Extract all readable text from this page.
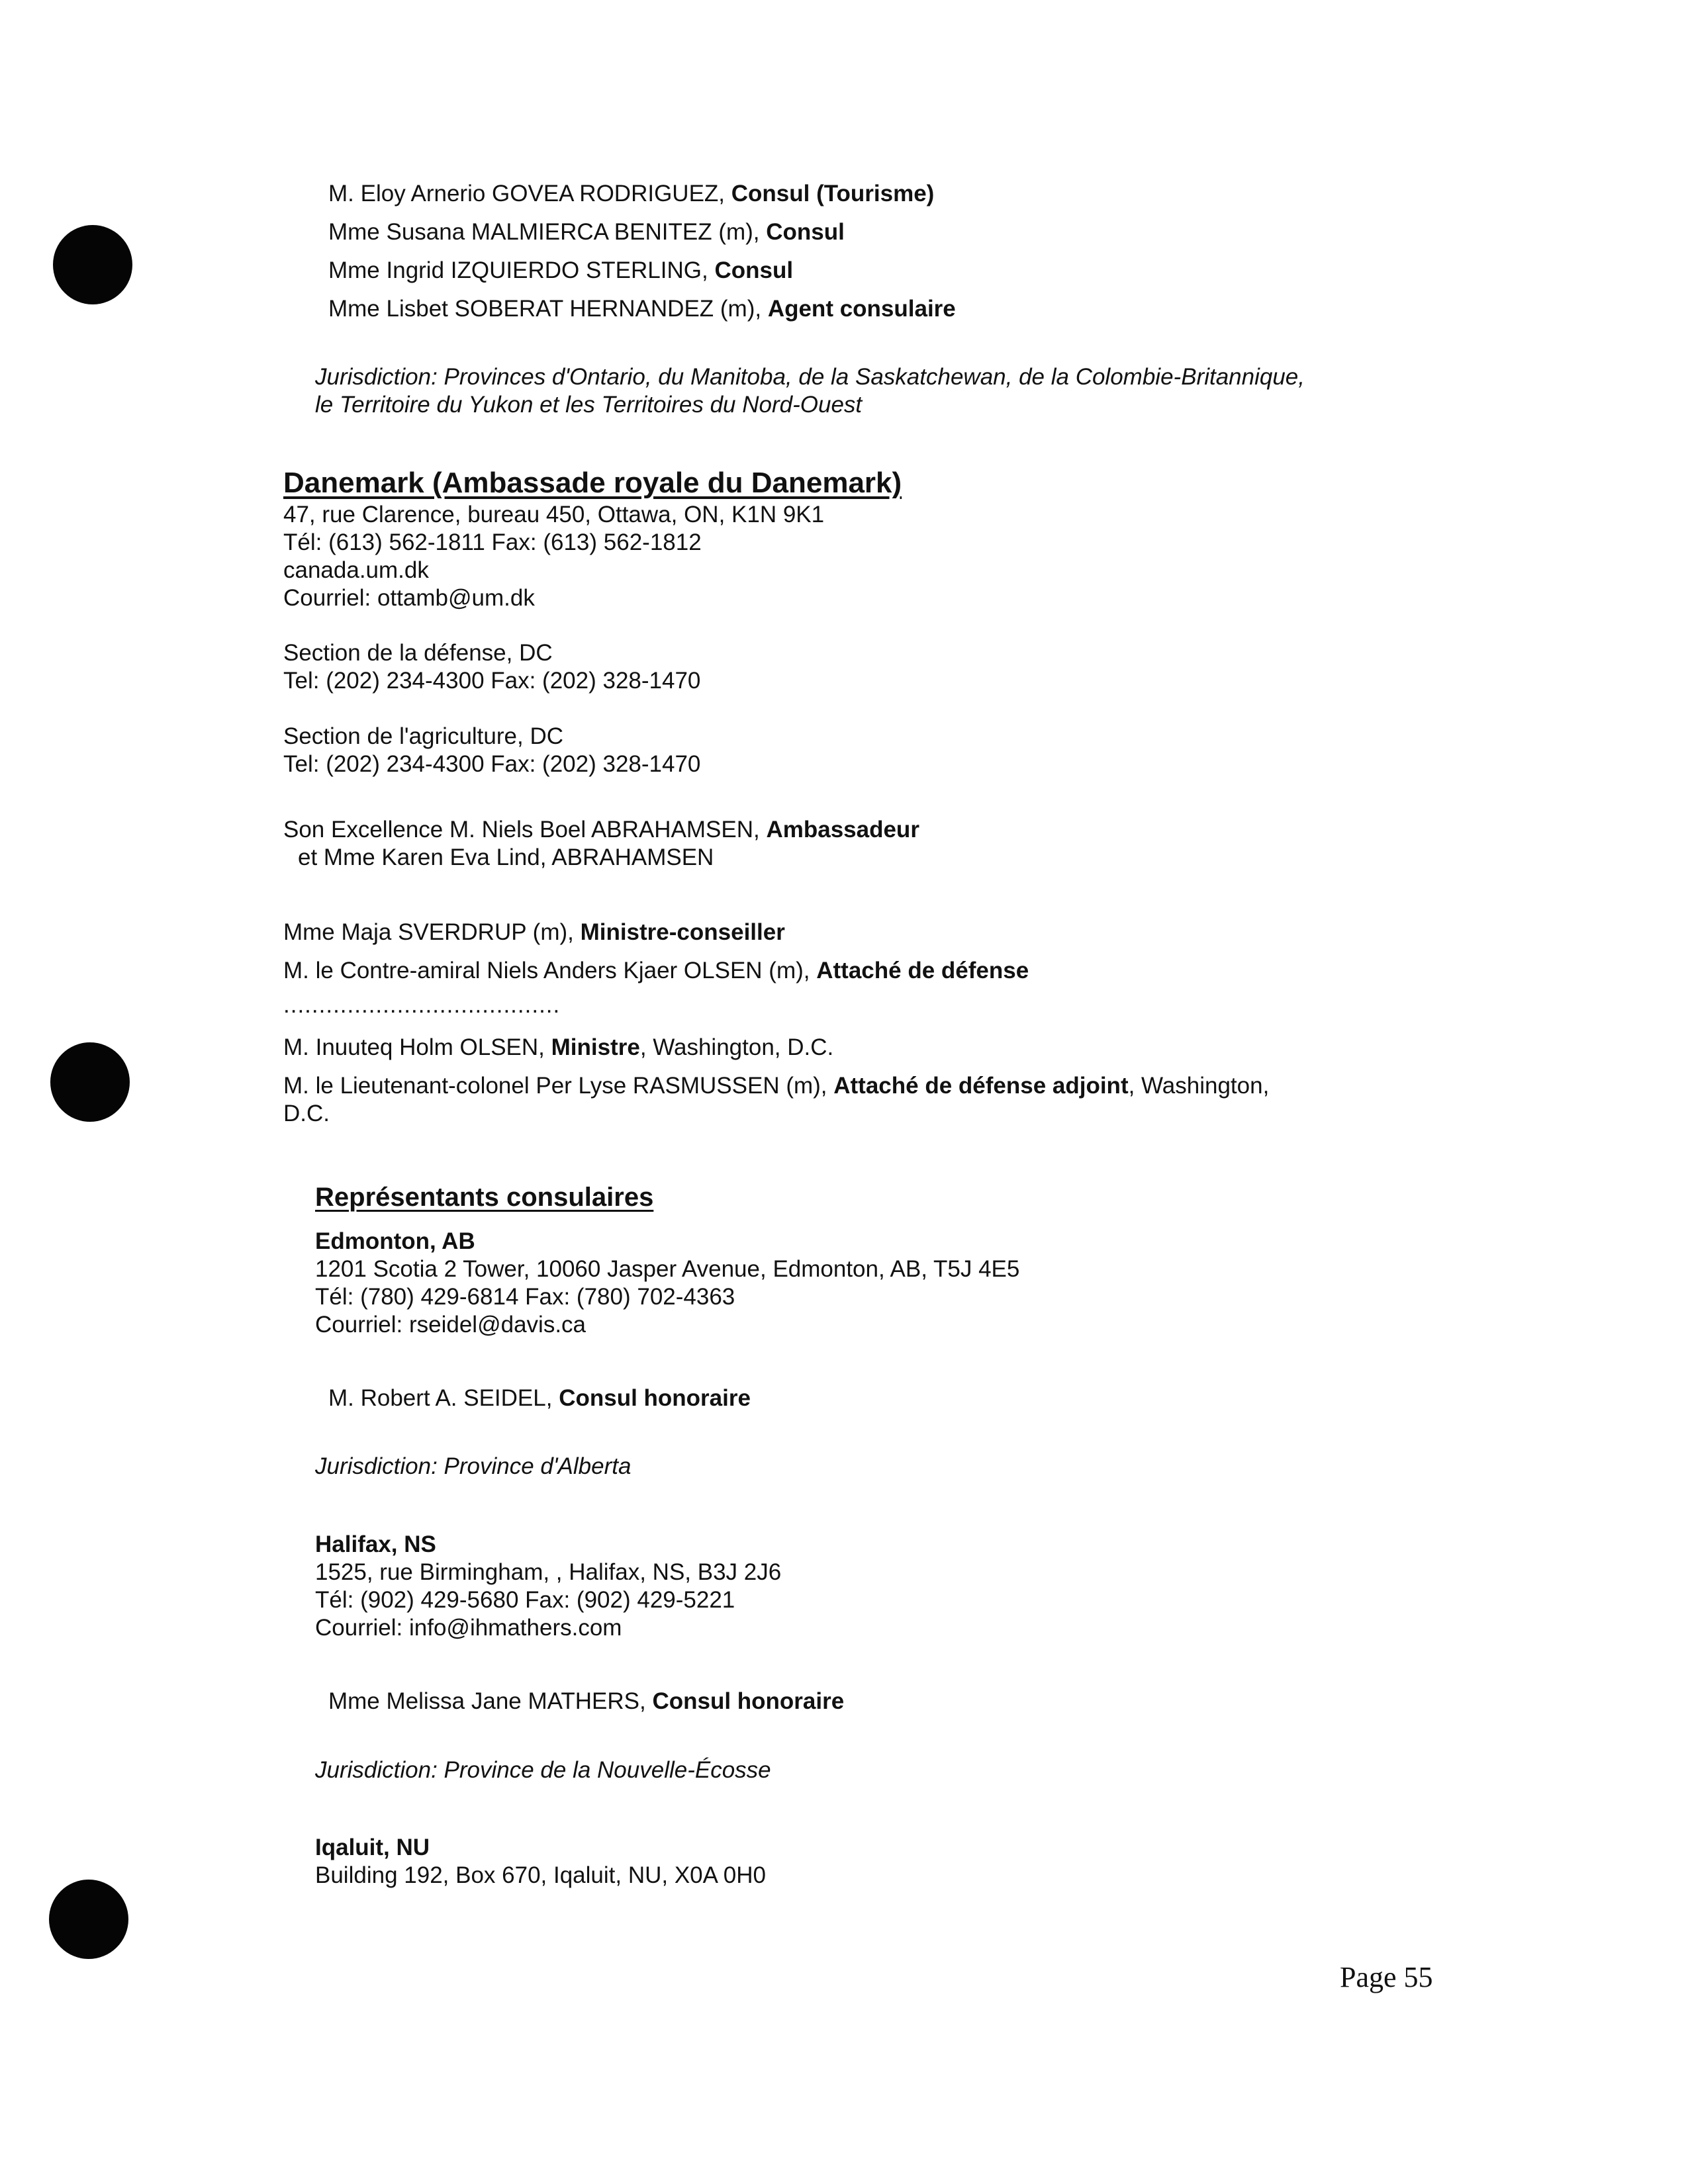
M. Eloy Arnerio GOVEA RODRIGUEZ, Consul (Tourisme)
Mme Susana MALMIERCA BENITEZ (m), Consul
Mme Ingrid IZQUIERDO STERLING, Consul
Mme Lisbet SOBERAT HERNANDEZ (m), Agent consulaire
Jurisdiction: Provinces d'Ontario, du Manitoba, de la Saskatchewan, de la Colombie-Britannique,
le Territoire du Yukon et les Territoires du Nord-Ouest
Danemark (Ambassade royale du Danemark)
47, rue Clarence, bureau 450, Ottawa, ON, K1N 9K1
Tél: (613) 562-1811 Fax: (613) 562-1812
canada.um.dk
Courriel: ottamb@um.dk
Section de la défense, DC
Tel: (202) 234-4300 Fax: (202) 328-1470
Section de l'agriculture, DC
Tel: (202) 234-4300 Fax: (202) 328-1470
Son Excellence M. Niels Boel ABRAHAMSEN, Ambassadeur
et Mme Karen Eva Lind, ABRAHAMSEN
Mme Maja SVERDRUP (m), Ministre-conseiller
M. le Contre-amiral Niels Anders Kjaer OLSEN (m), Attaché de défense
.......................................
M. Inuuteq Holm OLSEN, Ministre, Washington, D.C.
M. le Lieutenant-colonel Per Lyse RASMUSSEN (m), Attaché de défense adjoint, Washington,
D.C.
Représentants consulaires
Edmonton, AB
1201 Scotia 2 Tower, 10060 Jasper Avenue, Edmonton, AB, T5J 4E5
Tél: (780) 429-6814 Fax: (780) 702-4363
Courriel: rseidel@davis.ca
M. Robert A. SEIDEL, Consul honoraire
Jurisdiction: Province d'Alberta
Halifax, NS
1525, rue Birmingham, , Halifax, NS, B3J 2J6
Tél: (902) 429-5680 Fax: (902) 429-5221
Courriel: info@ihmathers.com
Mme Melissa Jane MATHERS, Consul honoraire
Jurisdiction: Province de la Nouvelle-Écosse
Iqaluit, NU
Building 192, Box 670, Iqaluit, NU, X0A 0H0
Page 55
